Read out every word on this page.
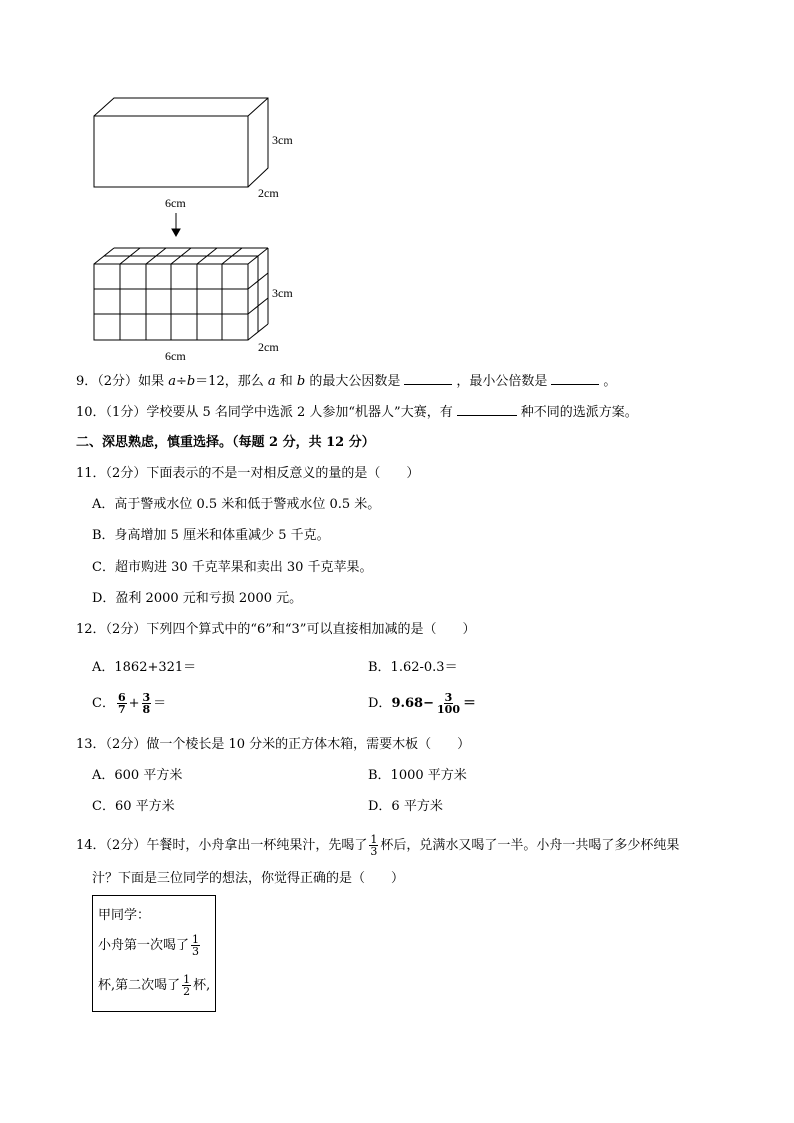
3cm
2cm
6cm
3cm
2cm
6cm
9．（2分）如果 a÷b＝12，那么 a 和 b 的最大公因数是	，最小公倍数是	。
10．（1分）学校要从 5 名同学中选派 2 人参加“机器人”大赛，有	种不同的选派方案。
二、深思熟虑，慎重选择。（每题 2 分，共 12 分）
11．（2分）下面表示的不是一对相反意义的量的是（　　）
A．高于警戒水位 0.5 米和低于警戒水位 0.5 米。
B．身高增加 5 厘米和体重减少 5 千克。
C．超市购进 30 千克苹果和卖出 30 千克苹果。
D．盈利 2000 元和亏损 2000 元。
12．（2分）下列四个算式中的“6”和“3”可以直接相加减的是（　　）
A．1862+321＝	B．1.62-0.3＝
C． $\frac{6}{7} + \frac{3}{8}$ ＝	D．$9.68- \frac{3}{100}$ ＝
13．（2分）做一个棱长是 10 分米的正方体木箱，需要木板（　　）
A．600 平方米	B．1000 平方米
C．60 平方米	D．6 平方米
14．（2分）午餐时，小舟拿出一杯纯果汁，先喝了 $\frac{1}{3}$ 杯后，兑满水又喝了一半。小舟一共喝了多少杯纯果
汁？下面是三位同学的想法，你觉得正确的是（　　）
甲同学：
小舟第一次喝了 $\frac{1}{3}$
杯,第二次喝了 $\frac{1}{2}$ 杯,
